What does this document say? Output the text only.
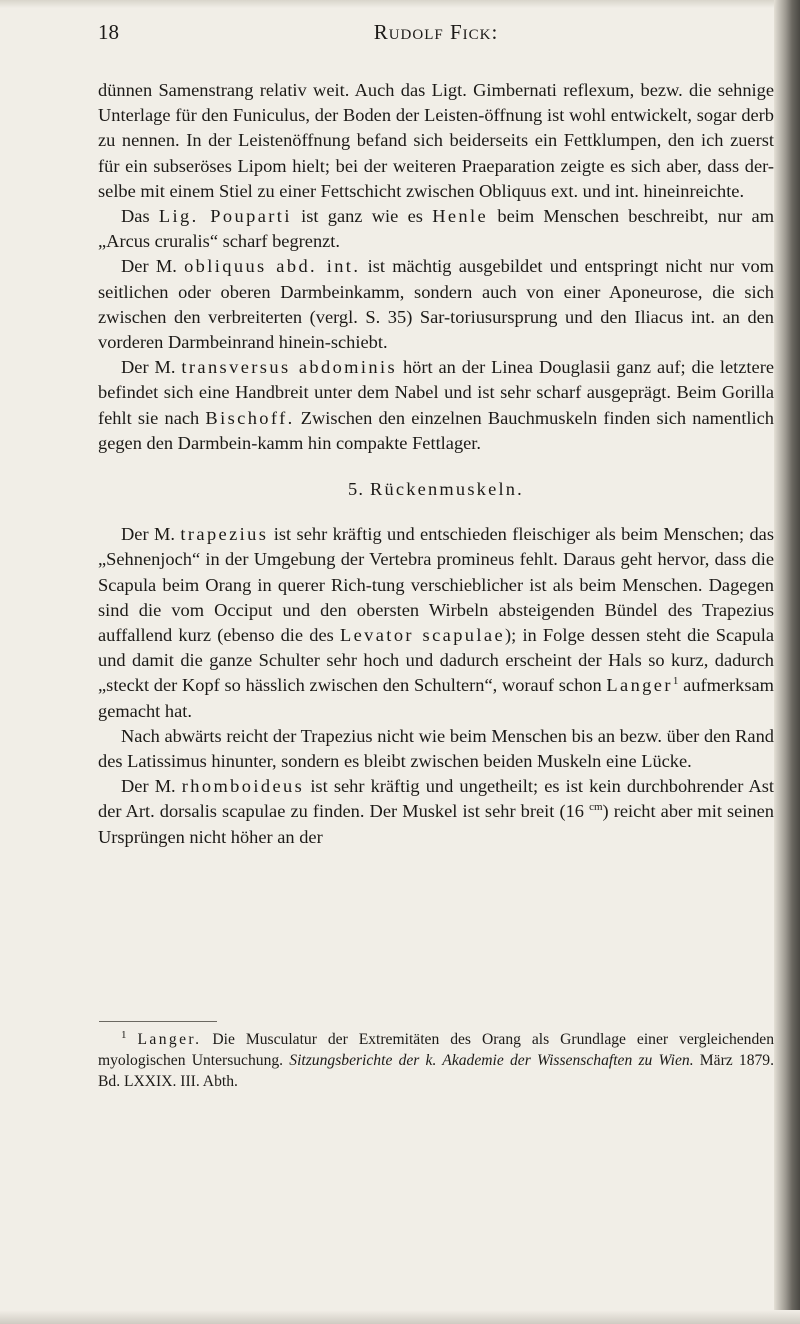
18	Rudolf Fick:

dünnen Samenstrang relativ weit. Auch das Ligt. Gimbernati reflexum, bezw. die sehnige Unterlage für den Funiculus, der Boden der Leisten-öffnung ist wohl entwickelt, sogar derb zu nennen. In der Leistenöffnung befand sich beiderseits ein Fettklumpen, den ich zuerst für ein subseröses Lipom hielt; bei der weiteren Praeparation zeigte es sich aber, dass der-selbe mit einem Stiel zu einer Fettschicht zwischen Obliquus ext. und int. hineinreichte.

Das Lig. Pouparti ist ganz wie es Henle beim Menschen beschreibt, nur am „Arcus cruralis“ scharf begrenzt.

Der M. obliquus abd. int. ist mächtig ausgebildet und entspringt nicht nur vom seitlichen oder oberen Darmbeinkamm, sondern auch von einer Aponeurose, die sich zwischen den verbreiterten (vergl. S. 35) Sar-toriusursprung und den Iliacus int. an den vorderen Darmbeinrand hinein-schiebt.

Der M. transversus abdominis hört an der Linea Douglasii ganz auf; die letztere befindet sich eine Handbreit unter dem Nabel und ist sehr scharf ausgeprägt. Beim Gorilla fehlt sie nach Bischoff. Zwischen den einzelnen Bauchmuskeln finden sich namentlich gegen den Darmbein-kamm hin compakte Fettlager.

5. Rückenmuskeln.

Der M. trapezius ist sehr kräftig und entschieden fleischiger als beim Menschen; das „Sehnenjoch“ in der Umgebung der Vertebra promineus fehlt. Daraus geht hervor, dass die Scapula beim Orang in querer Rich-tung verschieblicher ist als beim Menschen. Dagegen sind die vom Occiput und den obersten Wirbeln absteigenden Bündel des Trapezius auffallend kurz (ebenso die des Levator scapulae); in Folge dessen steht die Scapula und damit die ganze Schulter sehr hoch und dadurch erscheint der Hals so kurz, dadurch „steckt der Kopf so hässlich zwischen den Schultern“, worauf schon Langer$^1$ aufmerksam gemacht hat.

Nach abwärts reicht der Trapezius nicht wie beim Menschen bis an bezw. über den Rand des Latissimus hinunter, sondern es bleibt zwischen beiden Muskeln eine Lücke.

Der M. rhomboideus ist sehr kräftig und ungetheilt; es ist kein durchbohrender Ast der Art. dorsalis scapulae zu finden. Der Muskel ist sehr breit (16 $^{cm}$) reicht aber mit seinen Ursprüngen nicht höher an der

$^1$ Langer. Die Musculatur der Extremitäten des Orang als Grundlage einer vergleichenden myologischen Untersuchung. Sitzungsberichte der k. Akademie der Wissenschaften zu Wien. März 1879. Bd. LXXIX. III. Abth.
